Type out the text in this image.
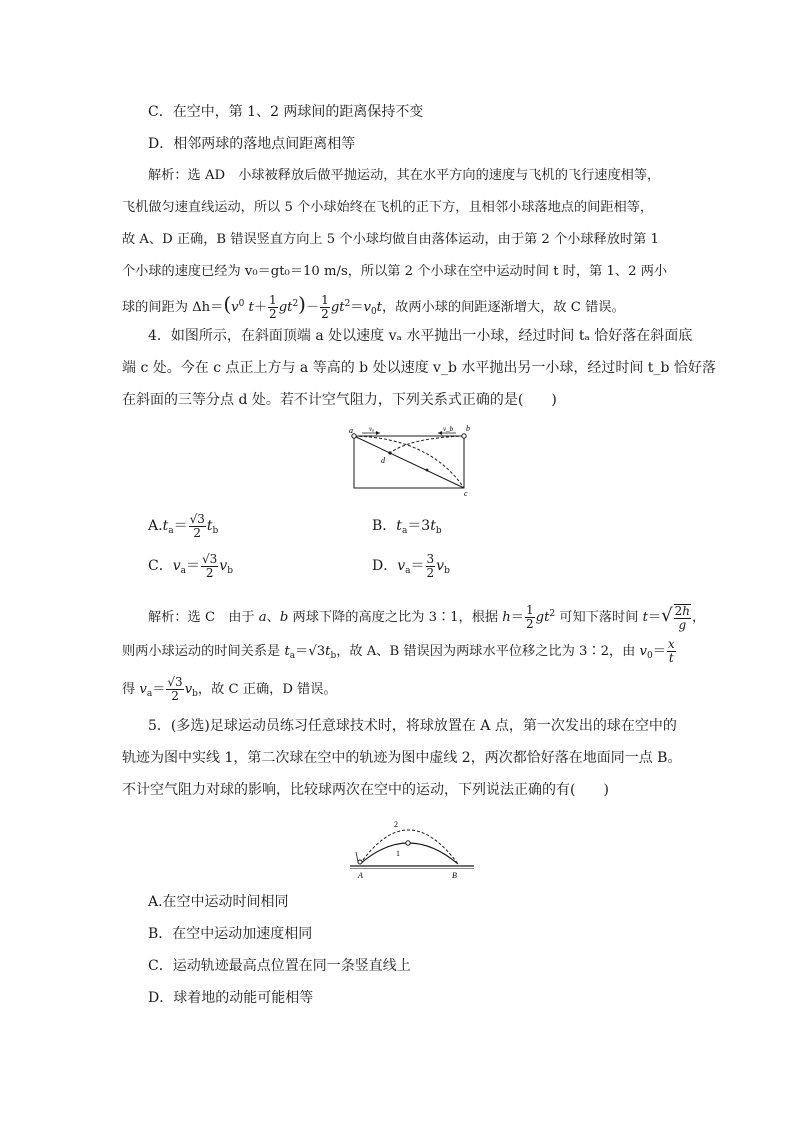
C．在空中，第 1、2 两球间的距离保持不变
D．相邻两球的落地点间距离相等
解析：选 AD　小球被释放后做平抛运动，其在水平方向的速度与飞机的飞行速度相等，
飞机做匀速直线运动，所以 5 个小球始终在飞机的正下方，且相邻小球落地点的间距相等，
故 A、D 正确，B 错误竖直方向上 5 个小球均做自由落体运动，由于第 2 个小球释放时第 1
个小球的速度已经为 v₀＝gt₀＝10 m/s，所以第 2 个小球在空中运动时间 t 时，第 1、2 两小
球的间距为 $\Delta h=(v^0$ $t+ \frac{1}{2} gt^2)- \frac{1}{2} gt^2=v_0t$，故两小球的间距逐渐增大，故 C 错误。
4．如图所示，在斜面顶端 a 处以速度 vₐ 水平抛出一小球，经过时间 tₐ 恰好落在斜面底
端 c 处。今在 c 点正上方与 a 等高的 b 处以速度 v_b 水平抛出另一小球，经过时间 t_b 恰好落
在斜面的三等分点 d 处。若不计空气阻力，下列关系式正确的是(　　)
a	b
c
d
vₐ	v_b
$A.t_a= \frac{√3}{2} t_b$	B．$t_a=3t_b$
C．$v_a= \frac{√3}{2} v_b$	D．$v_a= \frac{3}{2} v_b$
解析：选 C　由于 a、b 两球下降的高度之比为 3∶1，根据 $h= \frac{1}{2} gt^2$ 可知下落时间 $t=√ \frac{2h}{g}$ ，
则两小球运动的时间关系是 $t_a=√3t_b$，故 A、B 错误因为两球水平位移之比为 3∶2，由 $v_0= \frac{x}{t}$
得 $v_a= \frac{√3}{2} v_b$，故 C 正确，D 错误。
5．(多选)足球运动员练习任意球技术时，将球放置在 A 点，第一次发出的球在空中的
轨迹为图中实线 1，第二次球在空中的轨迹为图中虚线 2，两次都恰好落在地面同一点 B。
不计空气阻力对球的影响，比较球两次在空中的运动，下列说法正确的有(　　)
A	B
1
2
A.在空中运动时间相同
B．在空中运动加速度相同
C．运动轨迹最高点位置在同一条竖直线上
D．球着地的动能可能相等
